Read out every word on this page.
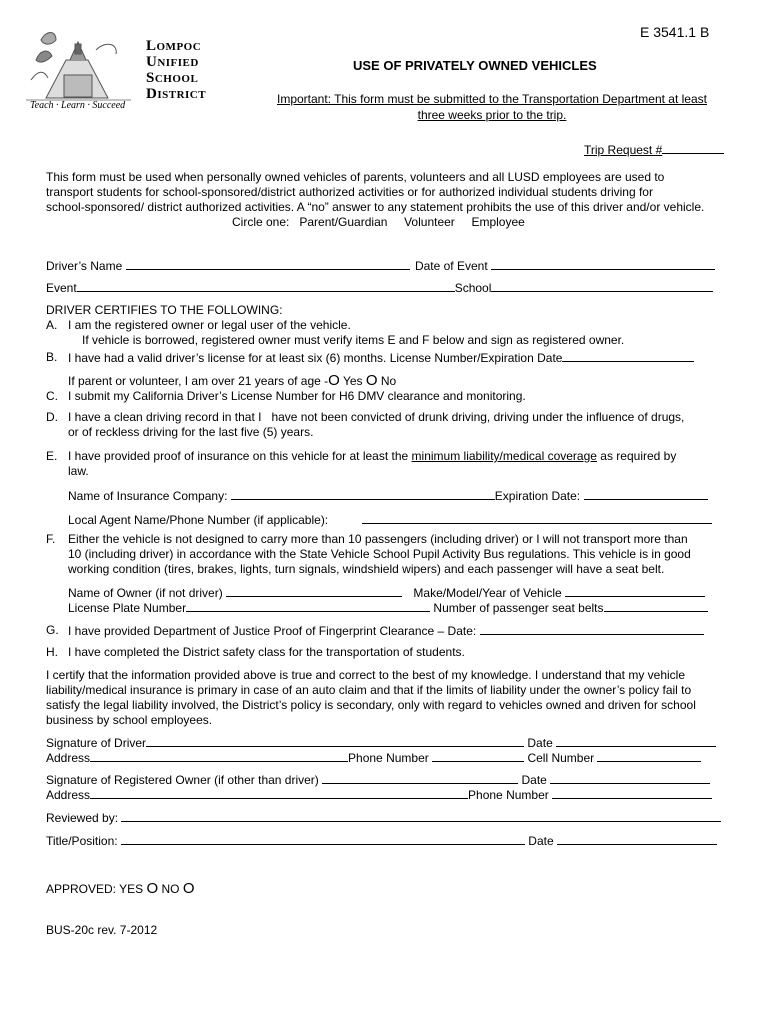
Teach · Learn · Succeed
Lompoc
Unified
School
District
E 3541.1 B
USE OF PRIVATELY OWNED VEHICLES
Important: This form must be submitted to the Transportation Department at least
three weeks prior to the trip.
Trip Request #
This form must be used when personally owned vehicles of parents, volunteers and all LUSD employees are used to
transport students for school-sponsored/district authorized activities or for authorized individual students driving for
school-sponsored/ district authorized activities. A “no” answer to any statement prohibits the use of this driver and/or vehicle.
Circle one:   Parent/Guardian     Volunteer     Employee
Driver’s Name	Date of Event
Event	School
DRIVER CERTIFIES TO THE FOLLOWING:
A. I am the registered owner or legal user of the vehicle.
If vehicle is borrowed, registered owner must verify items E and F below and sign as registered owner.
B. I have had a valid driver’s license for at least six (6) months. License Number/Expiration Date
If parent or volunteer, I am over 21 years of age -O Yes O No
C. I submit my California Driver’s License Number for H6 DMV clearance and monitoring.
D. I have a clean driving record in that I   have not been convicted of drunk driving, driving under the influence of drugs,
or of reckless driving for the last five (5) years.
E. I have provided proof of insurance on this vehicle for at least the minimum liability/medical coverage as required by
law.
Name of Insurance Company:	Expiration Date:
Local Agent Name/Phone Number (if applicable):
F. Either the vehicle is not designed to carry more than 10 passengers (including driver) or I will not transport more than
10 (including driver) in accordance with the State Vehicle School Pupil Activity Bus regulations. This vehicle is in good
working condition (tires, brakes, lights, turn signals, windshield wipers) and each passenger will have a seat belt.
Name of Owner (if not driver)	Make/Model/Year of Vehicle
License Plate Number	Number of passenger seat belts
G. I have provided Department of Justice Proof of Fingerprint Clearance – Date:
H. I have completed the District safety class for the transportation of students.
I certify that the information provided above is true and correct to the best of my knowledge. I understand that my vehicle
liability/medical insurance is primary in case of an auto claim and that if the limits of liability under the owner’s policy fail to
satisfy the legal liability involved, the District’s policy is secondary, only with regard to vehicles owned and driven for school
business by school employees.
Signature of Driver	Date
Address	Phone Number	Cell Number
Signature of Registered Owner (if other than driver)	Date
Address	Phone Number
Reviewed by:
Title/Position:	Date
APPROVED: YES O NO O
BUS-20c rev. 7-2012
